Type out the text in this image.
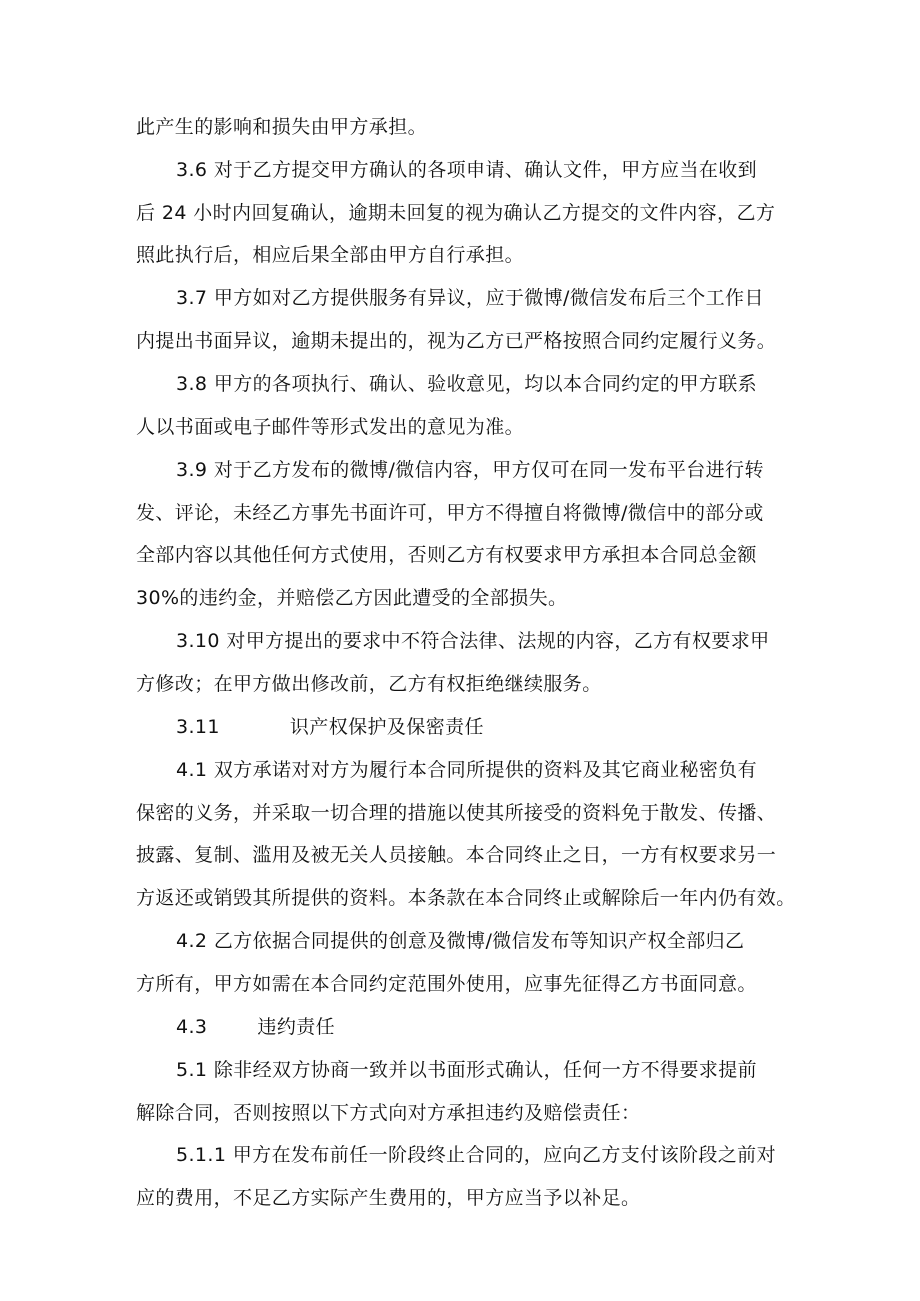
此产生的影响和损失由甲方承担。
3.6 对于乙方提交甲方确认的各项申请、确认文件，甲方应当在收到
后 24 小时内回复确认，逾期未回复的视为确认乙方提交的文件内容，乙方
照此执行后，相应后果全部由甲方自行承担。
3.7 甲方如对乙方提供服务有异议，应于微博/微信发布后三个工作日
内提出书面异议，逾期未提出的，视为乙方已严格按照合同约定履行义务。
3.8 甲方的各项执行、确认、验收意见，均以本合同约定的甲方联系
人以书面或电子邮件等形式发出的意见为准。
3.9 对于乙方发布的微博/微信内容，甲方仅可在同一发布平台进行转
发、评论，未经乙方事先书面许可，甲方不得擅自将微博/微信中的部分或
全部内容以其他任何方式使用，否则乙方有权要求甲方承担本合同总金额
30%的违约金，并赔偿乙方因此遭受的全部损失。
3.10 对甲方提出的要求中不符合法律、法规的内容，乙方有权要求甲
方修改；在甲方做出修改前，乙方有权拒绝继续服务。
3.11	识产权保护及保密责任
4.1 双方承诺对对方为履行本合同所提供的资料及其它商业秘密负有
保密的义务，并采取一切合理的措施以使其所接受的资料免于散发、传播、
披露、复制、滥用及被无关人员接触。本合同终止之日，一方有权要求另一
方返还或销毁其所提供的资料。本条款在本合同终止或解除后一年内仍有效。
4.2 乙方依据合同提供的创意及微博/微信发布等知识产权全部归乙
方所有，甲方如需在本合同约定范围外使用，应事先征得乙方书面同意。
4.3	违约责任
5.1 除非经双方协商一致并以书面形式确认，任何一方不得要求提前
解除合同，否则按照以下方式向对方承担违约及赔偿责任：
5.1.1 甲方在发布前任一阶段终止合同的，应向乙方支付该阶段之前对
应的费用，不足乙方实际产生费用的，甲方应当予以补足。
